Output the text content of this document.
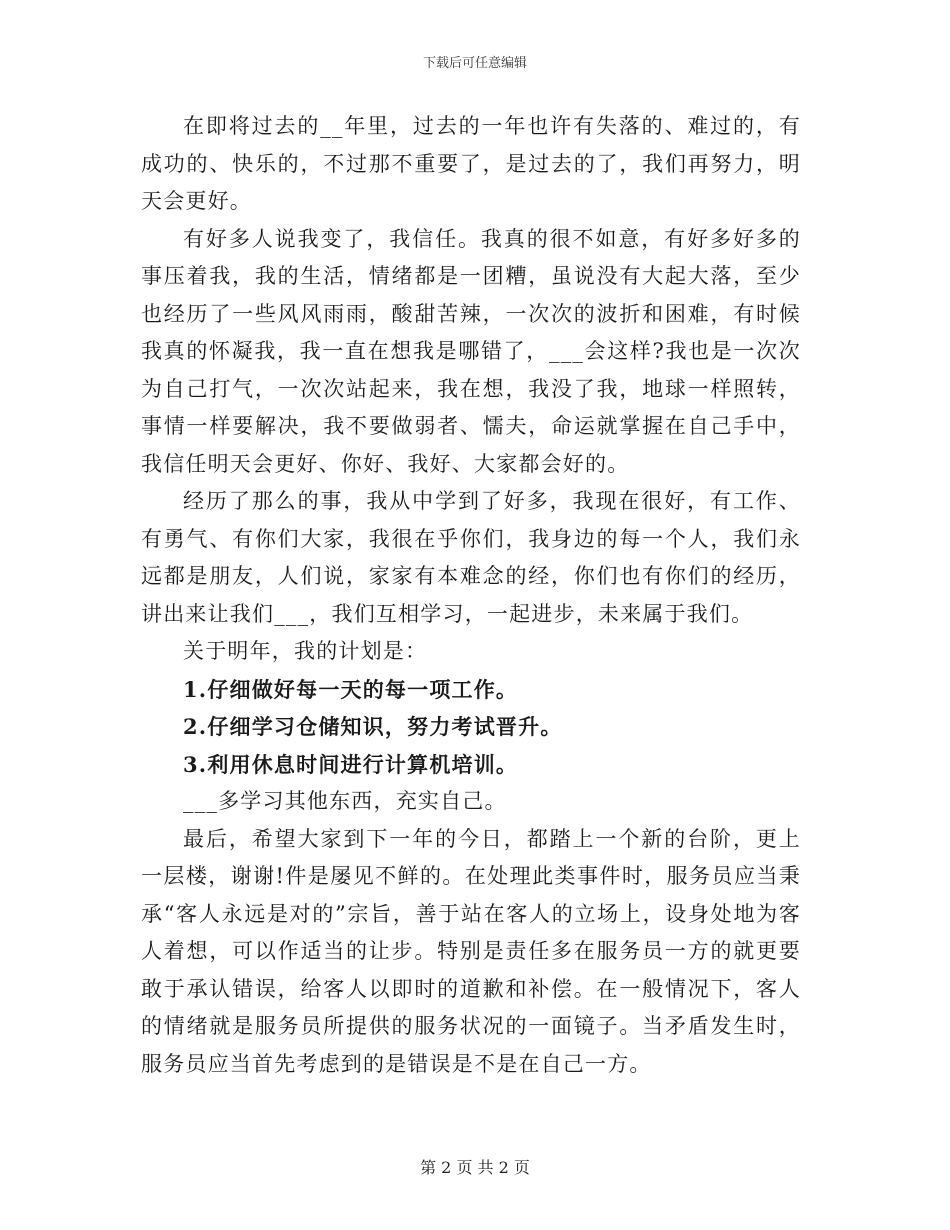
下载后可任意编辑

在即将过去的__年里，过去的一年也许有失落的、难过的，有成功的、快乐的，不过那不重要了，是过去的了，我们再努力，明天会更好。

有好多人说我变了，我信任。我真的很不如意，有好多好多的事压着我，我的生活，情绪都是一团糟，虽说没有大起大落，至少也经历了一些风风雨雨，酸甜苦辣，一次次的波折和困难，有时候我真的怀凝我，我一直在想我是哪错了，___会这样?我也是一次次为自己打气，一次次站起来，我在想，我没了我，地球一样照转，事情一样要解决，我不要做弱者、懦夫，命运就掌握在自己手中，我信任明天会更好、你好、我好、大家都会好的。

经历了那么的事，我从中学到了好多，我现在很好，有工作、有勇气、有你们大家，我很在乎你们，我身边的每一个人，我们永远都是朋友，人们说，家家有本难念的经，你们也有你们的经历，讲出来让我们___，我们互相学习，一起进步，未来属于我们。

关于明年，我的计划是：

1.仔细做好每一天的每一项工作。

2.仔细学习仓储知识，努力考试晋升。

3.利用休息时间进行计算机培训。

___多学习其他东西，充实自己。

最后，希望大家到下一年的今日，都踏上一个新的台阶，更上一层楼，谢谢!件是屡见不鲜的。在处理此类事件时，服务员应当秉承“客人永远是对的”宗旨，善于站在客人的立场上，设身处地为客人着想，可以作适当的让步。特别是责任多在服务员一方的就更要敢于承认错误，给客人以即时的道歉和补偿。在一般情况下，客人的情绪就是服务员所提供的服务状况的一面镜子。当矛盾发生时，服务员应当首先考虑到的是错误是不是在自己一方。

第 2 页 共 2 页
